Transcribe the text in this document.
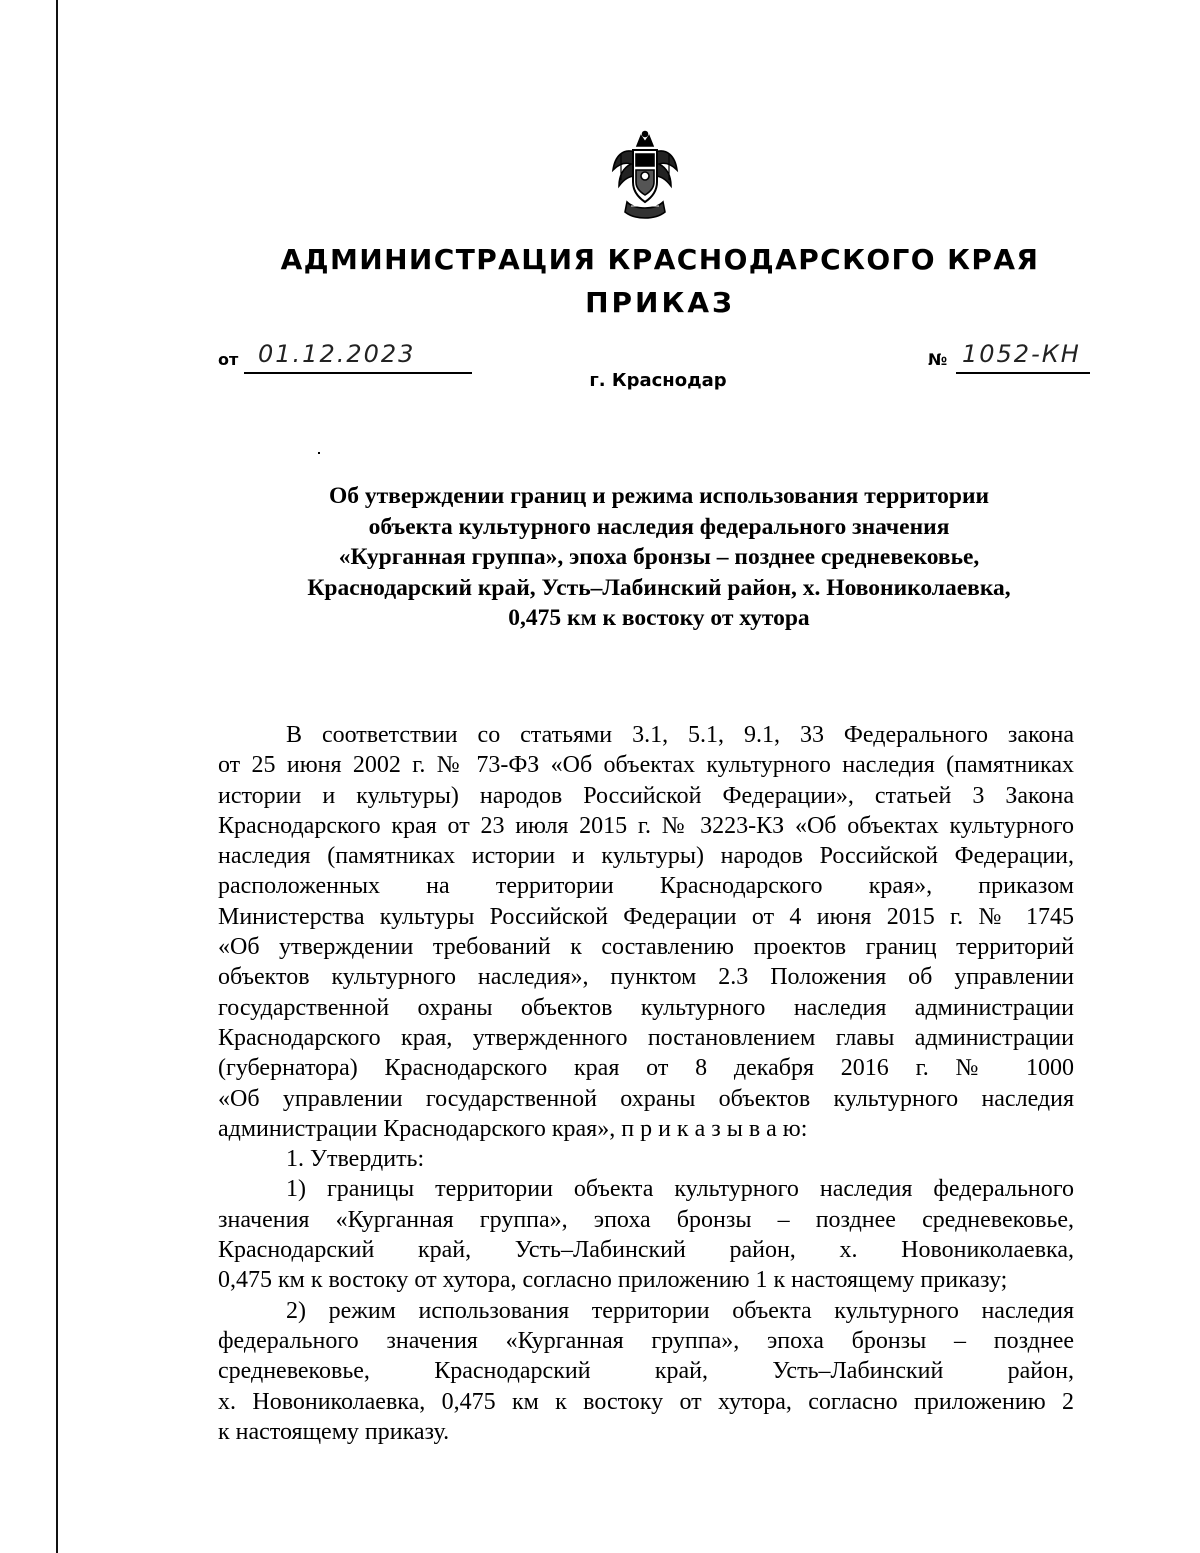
АДМИНИСТРАЦИЯ КРАСНОДАРСКОГО КРАЯ
ПРИКАЗ
от 01.12.2023	№ 1052-КН
г. Краснодар
Об утверждении границ и режима использования территории
объекта культурного наследия федерального значения
«Курганная группа», эпоха бронзы – позднее средневековье,
Краснодарский край, Усть–Лабинский район, х. Новониколаевка,
0,475 км к востоку от хутора
В соответствии со статьями 3.1, 5.1, 9.1, 33 Федерального закона
от 25 июня 2002 г. № 73-ФЗ «Об объектах культурного наследия (памятниках
истории и культуры) народов Российской Федерации», статьей 3 Закона
Краснодарского края от 23 июля 2015 г. № 3223-КЗ «Об объектах культурного
наследия (памятниках истории и культуры) народов Российской Федерации,
расположенных на территории Краснодарского края», приказом
Министерства культуры Российской Федерации от 4 июня 2015 г. № 1745
«Об утверждении требований к составлению проектов границ территорий
объектов культурного наследия», пунктом 2.3 Положения об управлении
государственной охраны объектов культурного наследия администрации
Краснодарского края, утвержденного постановлением главы администрации
(губернатора) Краснодарского края от 8 декабря 2016 г. № 1000
«Об управлении государственной охраны объектов культурного наследия
администрации Краснодарского края», п р и к а з ы в а ю:
1. Утвердить:
1) границы территории объекта культурного наследия федерального
значения «Курганная группа», эпоха бронзы – позднее средневековье,
Краснодарский край, Усть–Лабинский район, х. Новониколаевка,
0,475 км к востоку от хутора, согласно приложению 1 к настоящему приказу;
2) режим использования территории объекта культурного наследия
федерального значения «Курганная группа», эпоха бронзы – позднее
средневековье, Краснодарский край, Усть–Лабинский район,
х. Новониколаевка, 0,475 км к востоку от хутора, согласно приложению 2
к настоящему приказу.
